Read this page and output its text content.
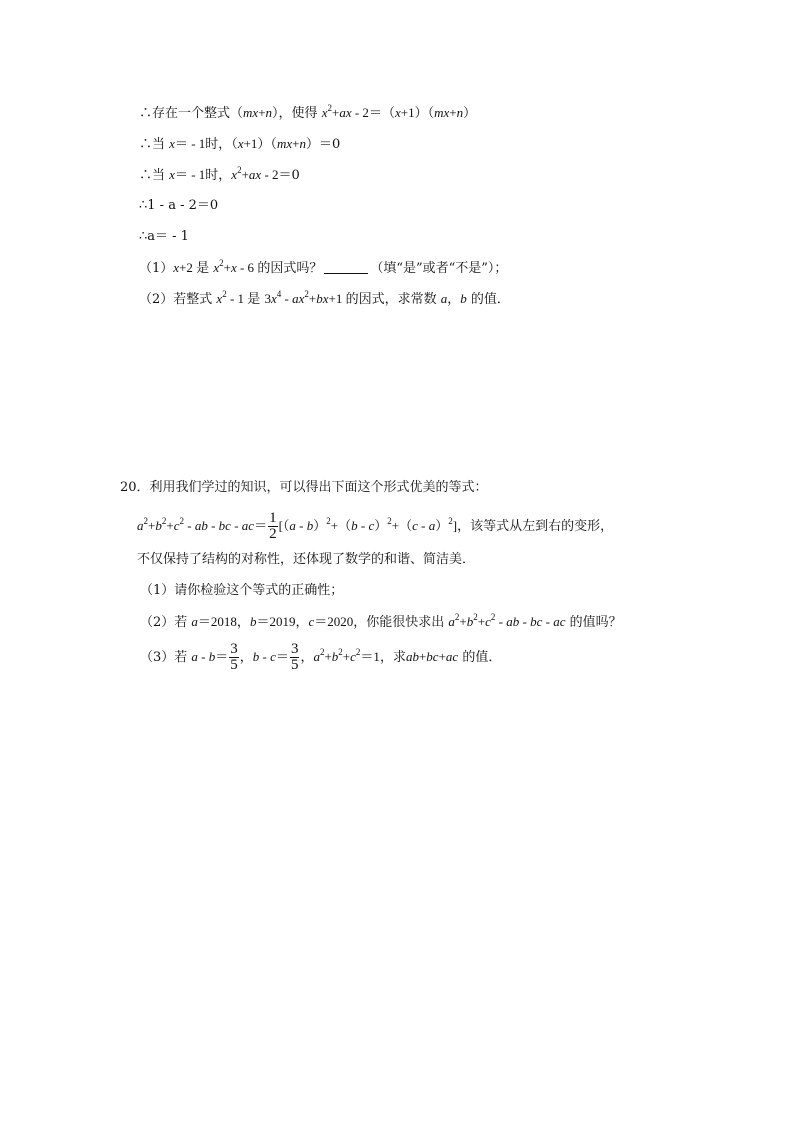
∴存在一个整式（mx+n），使得 $x^2+ax - 2=(x+1)(mx+n)$
∴当 x＝ - 1时，（x+1）（mx+n）＝0
∴当 x＝ - 1时，$x^2+ax - 2=0$
∴1 - a - 2＝0
∴a＝ - 1
（1）x+2 是 $x^2+x - 6$ 的因式吗？	（填“是”或者“不是”）；
（2）若整式 $x^2 - 1$ 是 $3x^4 - ax^2+bx+1$ 的因式，求常数 a，b 的值．
20．利用我们学过的知识，可以得出下面这个形式优美的等式：
$a^2+b^2+c^2$ - ab - bc - $ac= \frac{1}{2} [(a - b)^2+(b - c)^2+(c - a)^2]$，该等式从左到右的变形，
不仅保持了结构的对称性，还体现了数学的和谐、简洁美．
（1）请你检验这个等式的正确性；
（2）若 a＝2018，b＝2019，c＝2020，你能很快求出 $a^2+b^2+c^2$ - ab - bc - ac 的值吗？
（3）若 $a - b= \frac{3}{5}$ ，$b - c= \frac{3}{5}$ ，$a^2+b^2+c^2=1$，求ab+bc+ac 的值．
